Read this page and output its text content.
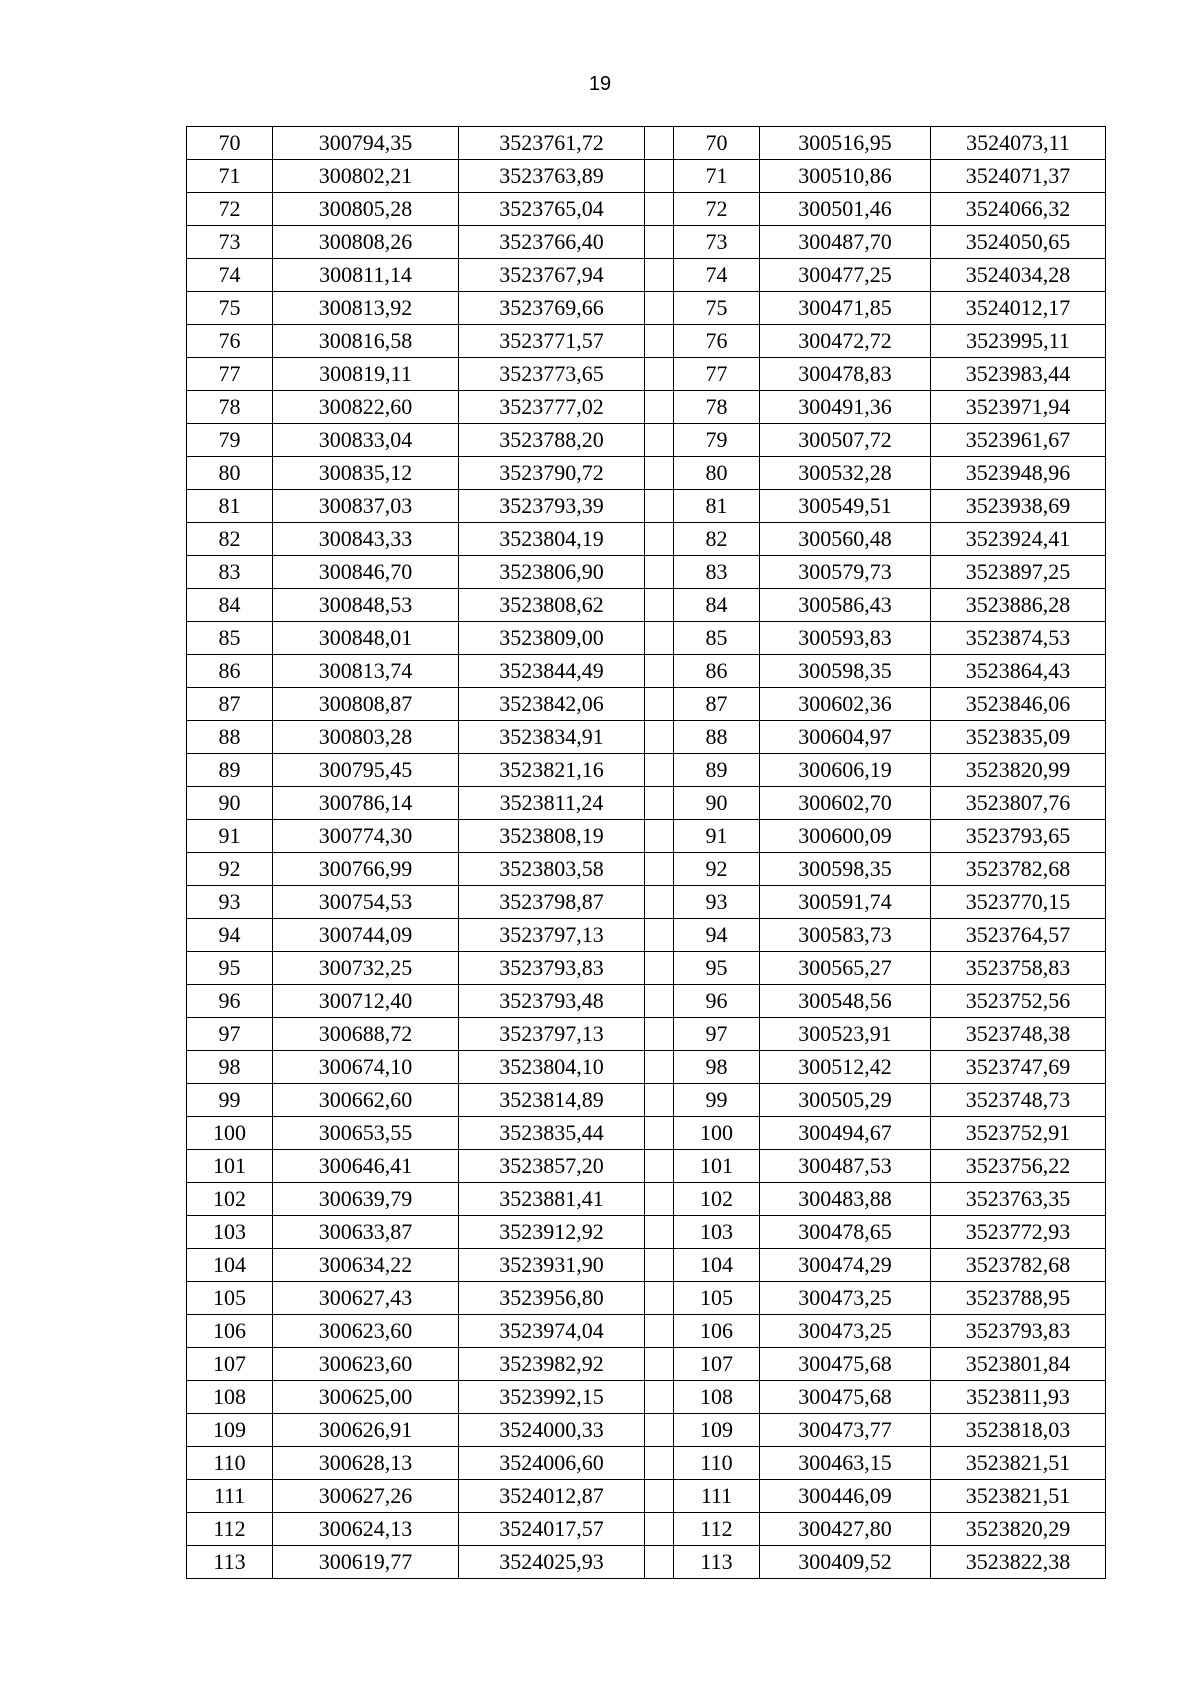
19
70	300794,35	3523761,72		70	300516,95	3524073,11
71	300802,21	3523763,89		71	300510,86	3524071,37
72	300805,28	3523765,04		72	300501,46	3524066,32
73	300808,26	3523766,40		73	300487,70	3524050,65
74	300811,14	3523767,94		74	300477,25	3524034,28
75	300813,92	3523769,66		75	300471,85	3524012,17
76	300816,58	3523771,57		76	300472,72	3523995,11
77	300819,11	3523773,65		77	300478,83	3523983,44
78	300822,60	3523777,02		78	300491,36	3523971,94
79	300833,04	3523788,20		79	300507,72	3523961,67
80	300835,12	3523790,72		80	300532,28	3523948,96
81	300837,03	3523793,39		81	300549,51	3523938,69
82	300843,33	3523804,19		82	300560,48	3523924,41
83	300846,70	3523806,90		83	300579,73	3523897,25
84	300848,53	3523808,62		84	300586,43	3523886,28
85	300848,01	3523809,00		85	300593,83	3523874,53
86	300813,74	3523844,49		86	300598,35	3523864,43
87	300808,87	3523842,06		87	300602,36	3523846,06
88	300803,28	3523834,91		88	300604,97	3523835,09
89	300795,45	3523821,16		89	300606,19	3523820,99
90	300786,14	3523811,24		90	300602,70	3523807,76
91	300774,30	3523808,19		91	300600,09	3523793,65
92	300766,99	3523803,58		92	300598,35	3523782,68
93	300754,53	3523798,87		93	300591,74	3523770,15
94	300744,09	3523797,13		94	300583,73	3523764,57
95	300732,25	3523793,83		95	300565,27	3523758,83
96	300712,40	3523793,48		96	300548,56	3523752,56
97	300688,72	3523797,13		97	300523,91	3523748,38
98	300674,10	3523804,10		98	300512,42	3523747,69
99	300662,60	3523814,89		99	300505,29	3523748,73
100	300653,55	3523835,44		100	300494,67	3523752,91
101	300646,41	3523857,20		101	300487,53	3523756,22
102	300639,79	3523881,41		102	300483,88	3523763,35
103	300633,87	3523912,92		103	300478,65	3523772,93
104	300634,22	3523931,90		104	300474,29	3523782,68
105	300627,43	3523956,80		105	300473,25	3523788,95
106	300623,60	3523974,04		106	300473,25	3523793,83
107	300623,60	3523982,92		107	300475,68	3523801,84
108	300625,00	3523992,15		108	300475,68	3523811,93
109	300626,91	3524000,33		109	300473,77	3523818,03
110	300628,13	3524006,60		110	300463,15	3523821,51
111	300627,26	3524012,87		111	300446,09	3523821,51
112	300624,13	3524017,57		112	300427,80	3523820,29
113	300619,77	3524025,93		113	300409,52	3523822,38
